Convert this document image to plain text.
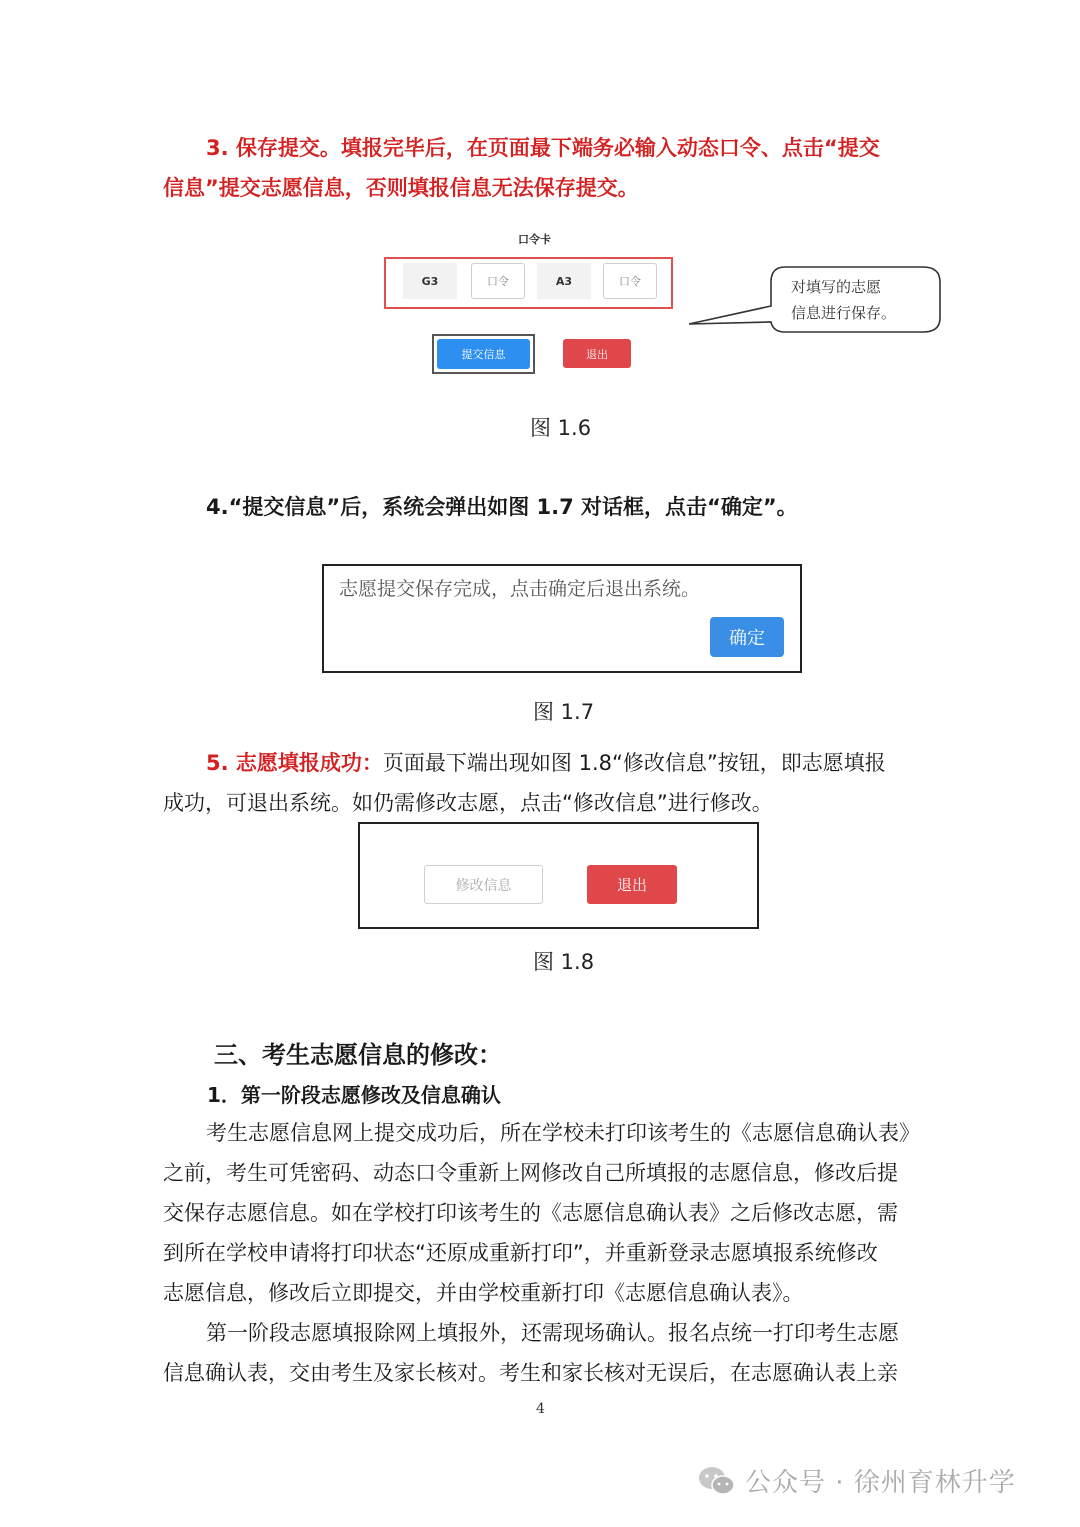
3. 保存提交。填报完毕后，在页面最下端务必输入动态口令、点击“提交
信息”提交志愿信息，否则填报信息无法保存提交。
口令卡
G3	口令	A3	口令
提交信息	退出
对填写的志愿
信息进行保存。
图 1.6
4.“提交信息”后，系统会弹出如图 1.7 对话框，点击“确定”。
志愿提交保存完成，点击确定后退出系统。
确定
图 1.7
5. 志愿填报成功：页面最下端出现如图 1.8“修改信息”按钮，即志愿填报
成功，可退出系统。如仍需修改志愿，点击“修改信息”进行修改。
修改信息	退出
图 1.8
三、考生志愿信息的修改：
1．第一阶段志愿修改及信息确认
考生志愿信息网上提交成功后，所在学校未打印该考生的《志愿信息确认表》
之前，考生可凭密码、动态口令重新上网修改自己所填报的志愿信息，修改后提
交保存志愿信息。如在学校打印该考生的《志愿信息确认表》之后修改志愿，需
到所在学校申请将打印状态“还原成重新打印”，并重新登录志愿填报系统修改
志愿信息，修改后立即提交，并由学校重新打印《志愿信息确认表》。
第一阶段志愿填报除网上填报外，还需现场确认。报名点统一打印考生志愿
信息确认表，交由考生及家长核对。考生和家长核对无误后，在志愿确认表上亲
4
公众号 · 徐州育林升学
